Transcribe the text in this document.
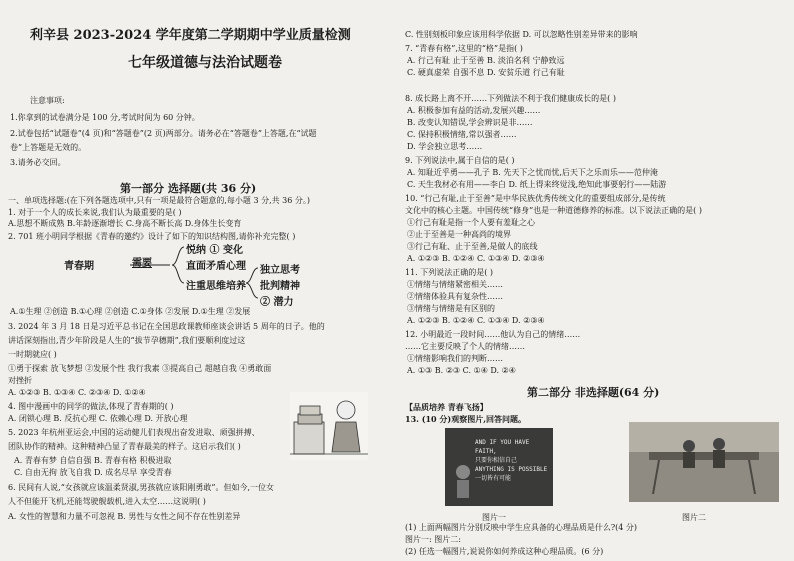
利辛县 2023-2024 学年度第二学期期中学业质量检测
七年级道德与法治试题卷
注意事项:
1.你拿到的试卷满分是 100 分,考试时间为 60 分钟。
2.试卷包括“试题卷”(4 页)和“答题卷”(2 页)两部分。请务必在“答题卷”上答题,在“试题
卷”上答题是无效的。
3.请务必交回。
第一部分 选择题(共 36 分)
一、单项选择题:(在下列各题选项中,只有一项是最符合题意的,每小题 3 分,共 36 分。)
1. 对于一个人的成长来说,我们认为最重要的是( )
A.思想不断成熟 B.年龄逐渐增长 C.身高不断长高 D.身体生长变育
2. 701 班小明同学根据《青春的邀约》设计了如下的知识结构图,请你补充完整( )
青春期	需要
悦纳 ① 变化
直面矛盾心理
注重思维培养
独立思考
批判精神
② 潜力
A.①生理 ②创造 B.①心理 ②创造 C.①身体 ②发展 D.①生理 ②发展
3. 2024 年 3 月 18 日是习近平总书记在全国思政课教师座谈会讲话 5 周年的日子。他的
讲话深刻指出,青少年阶段是人生的“拔节孕穗期”,我们要顺利度过这
一时期就应( )
①勇于探索 放飞梦想 ②发展个性 我行我素 ③提高自己 超越自我 ④勇敢面
对挫折
A. ①②③ B. ①③④ C. ②③④ D. ①②④
4. 图中漫画中的同学的做法,体现了青春期的( )
A. 闭锁心理 B. 反抗心理 C. 依赖心理 D. 开放心理
5. 2023 年杭州亚运会,中国的运动健儿们表现出奋发进取、顽强拼搏、
团队协作的精神。这种精神凸显了青春最美的样子。这启示我们( )
A. 青春有梦 自信自强 B. 青春有格 积极进取
C. 自由无拘 放飞自我 D. 成名尽早 享受青春
6. 民间有人说,“女孩就应该温柔贤淑,男孩就应该阳刚勇敢”。但如今,一位女
人不但能开飞机,还能驾驶舰载机,进入太空……这说明( )
A. 女性的智慧和力量不可忽视 B. 男性与女性之间不存在性别差异
C. 性别刻板印象应该用科学依据 D. 可以忽略性别差异带来的影响
7. “青春有格”,这里的“格”是指( )
A. 行己有耻 止于至善 B. 淡泊名利 宁静致远
C. 硬真虚荣 自强不息 D. 安贫乐道 行己有耻
8. 成长路上离不开……下列做法不利于我们健康成长的是( )
A. 积极参加有益的活动,发展兴趣……
B. 改变认知错误,学会辨识是非……
C. 保持积极情绪,常以强者……
D. 学会独立思考……
9. 下列说法中,属于自信的是( )
A. 知耻近乎勇——孔子 B. 先天下之忧而忧,后天下之乐而乐——范仲淹
C. 天生我材必有用——李白 D. 纸上得来终觉浅,绝知此事要躬行——陆游
10. “行己有耻,止于至善”是中华民族优秀传统文化的重要组成部分,是传统
文化中的核心主题。中国传统“修身”也是一种道德修养的标准。以下说法正确的是( )
①行己有耻是指一个人要有羞耻之心
②止于至善是一种高尚的境界
③行己有耻、止于至善,是做人的底线
A. ①②③ B. ①②④ C. ①③④ D. ②③④
11. 下列说法正确的是( )
①情绪与情绪紧密相关……
②情绪体验具有复杂性……
③情绪与情绪是有区别的
A. ①②③ B. ①②④ C. ①③④ D. ②③④
12. 小明最近一段时间……他认为自己的情绪……
……它主要反映了个人的情绪……
①情绪影响我们的判断……
A. ①③ B. ②③ C. ①④ D. ②④
第二部分 非选择题(64 分)
【品质培养 青春飞扬】
13. (10 分)观察图片,回答问题。
AND IF YOU HAVE FAITH,
只要你相信自己
ANYTHING IS POSSIBLE
一切皆有可能
图片一	图片二
(1) 上面两幅图片分别反映中学生应具备的心理品质是什么?(4 分)
图片一: 图片二:
(2) 任选一幅图片,说说你如何养成这种心理品质。(6 分)
